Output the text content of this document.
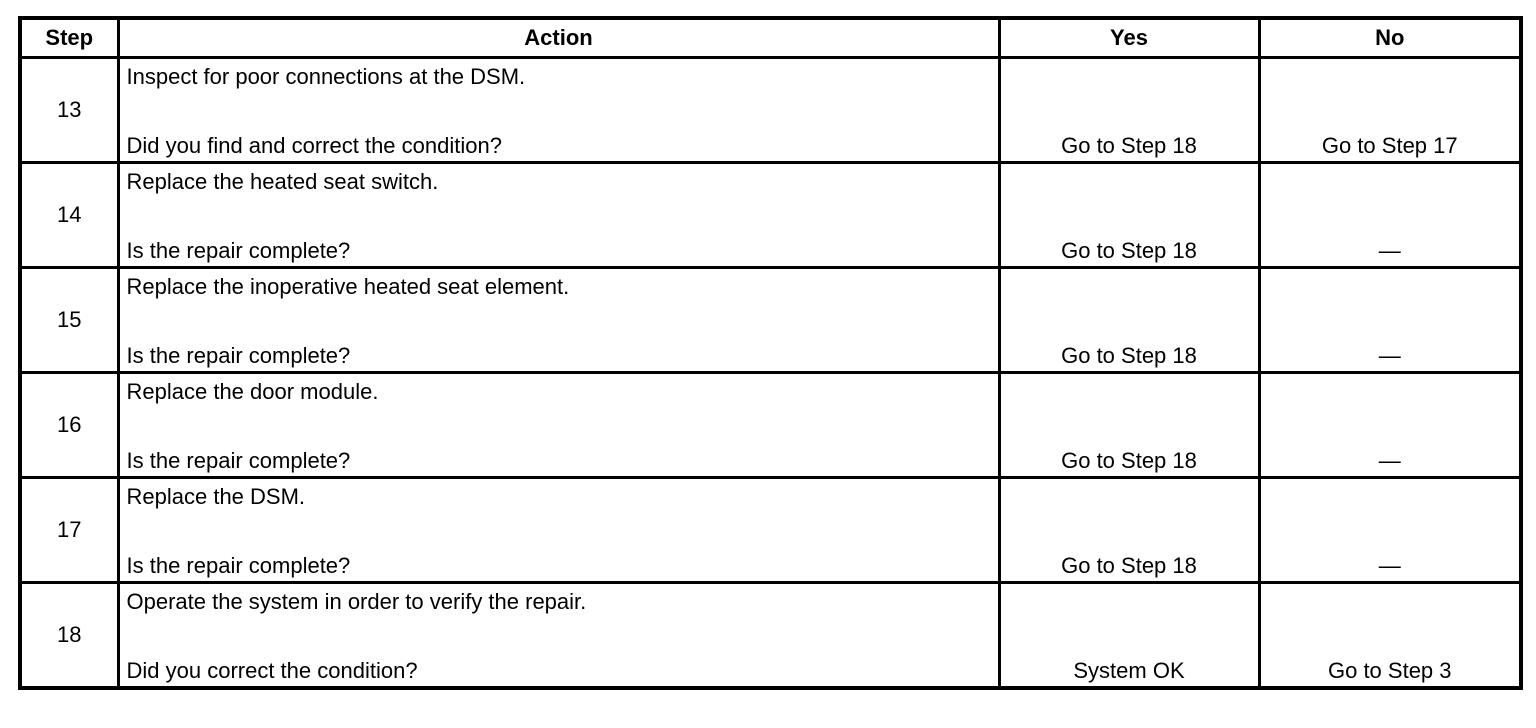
Step	Action	Yes	No
13	Inspect for poor connections at the DSM.
Did you find and correct the condition?	Go to Step 18	Go to Step 17

14	Replace the heated seat switch.
Is the repair complete?	Go to Step 18	—

15	Replace the inoperative heated seat element.
Is the repair complete?	Go to Step 18	—

16	Replace the door module.
Is the repair complete?	Go to Step 18	—

17	Replace the DSM.
Is the repair complete?	Go to Step 18	—

18	Operate the system in order to verify the repair.
Did you correct the condition?	System OK	Go to Step 3
